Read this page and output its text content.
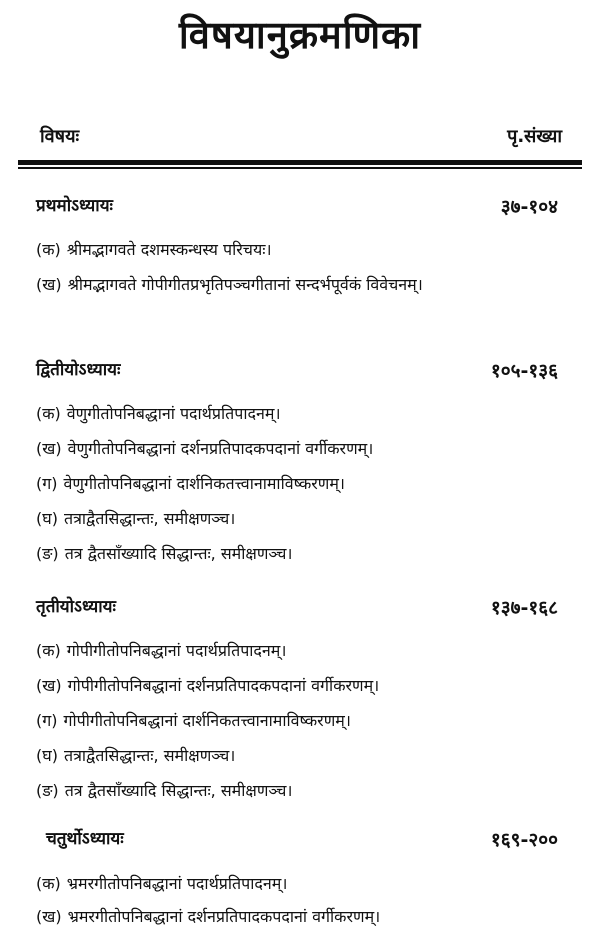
विषयानुक्रमणिका
विषयः	पृ.संख्या
प्रथमोऽध्यायः	३७-१०४
(क) श्रीमद्भागवते दशमस्कन्धस्य परिचयः।
(ख) श्रीमद्भागवते गोपीगीतप्रभृतिपञ्चगीतानां सन्दर्भपूर्वकं विवेचनम्।
द्वितीयोऽध्यायः	१०५-१३६
(क) वेणुगीतोपनिबद्धानां पदार्थप्रतिपादनम्।
(ख) वेणुगीतोपनिबद्धानां दर्शनप्रतिपादकपदानां वर्गीकरणम्।
(ग) वेणुगीतोपनिबद्धानां दार्शनिकतत्त्वानामाविष्करणम्।
(घ) तत्राद्वैतसिद्धान्तः, समीक्षणञ्च।
(ङ) तत्र द्वैतसाँख्यादि सिद्धान्तः, समीक्षणञ्च।
तृतीयोऽध्यायः	१३७-१६८
(क) गोपीगीतोपनिबद्धानां पदार्थप्रतिपादनम्।
(ख) गोपीगीतोपनिबद्धानां दर्शनप्रतिपादकपदानां वर्गीकरणम्।
(ग) गोपीगीतोपनिबद्धानां दार्शनिकतत्त्वानामाविष्करणम्।
(घ) तत्राद्वैतसिद्धान्तः, समीक्षणञ्च।
(ङ) तत्र द्वैतसाँख्यादि सिद्धान्तः, समीक्षणञ्च।
चतुर्थोऽध्यायः	१६९-२००
(क) भ्रमरगीतोपनिबद्धानां पदार्थप्रतिपादनम्।
(ख) भ्रमरगीतोपनिबद्धानां दर्शनप्रतिपादकपदानां वर्गीकरणम्।
